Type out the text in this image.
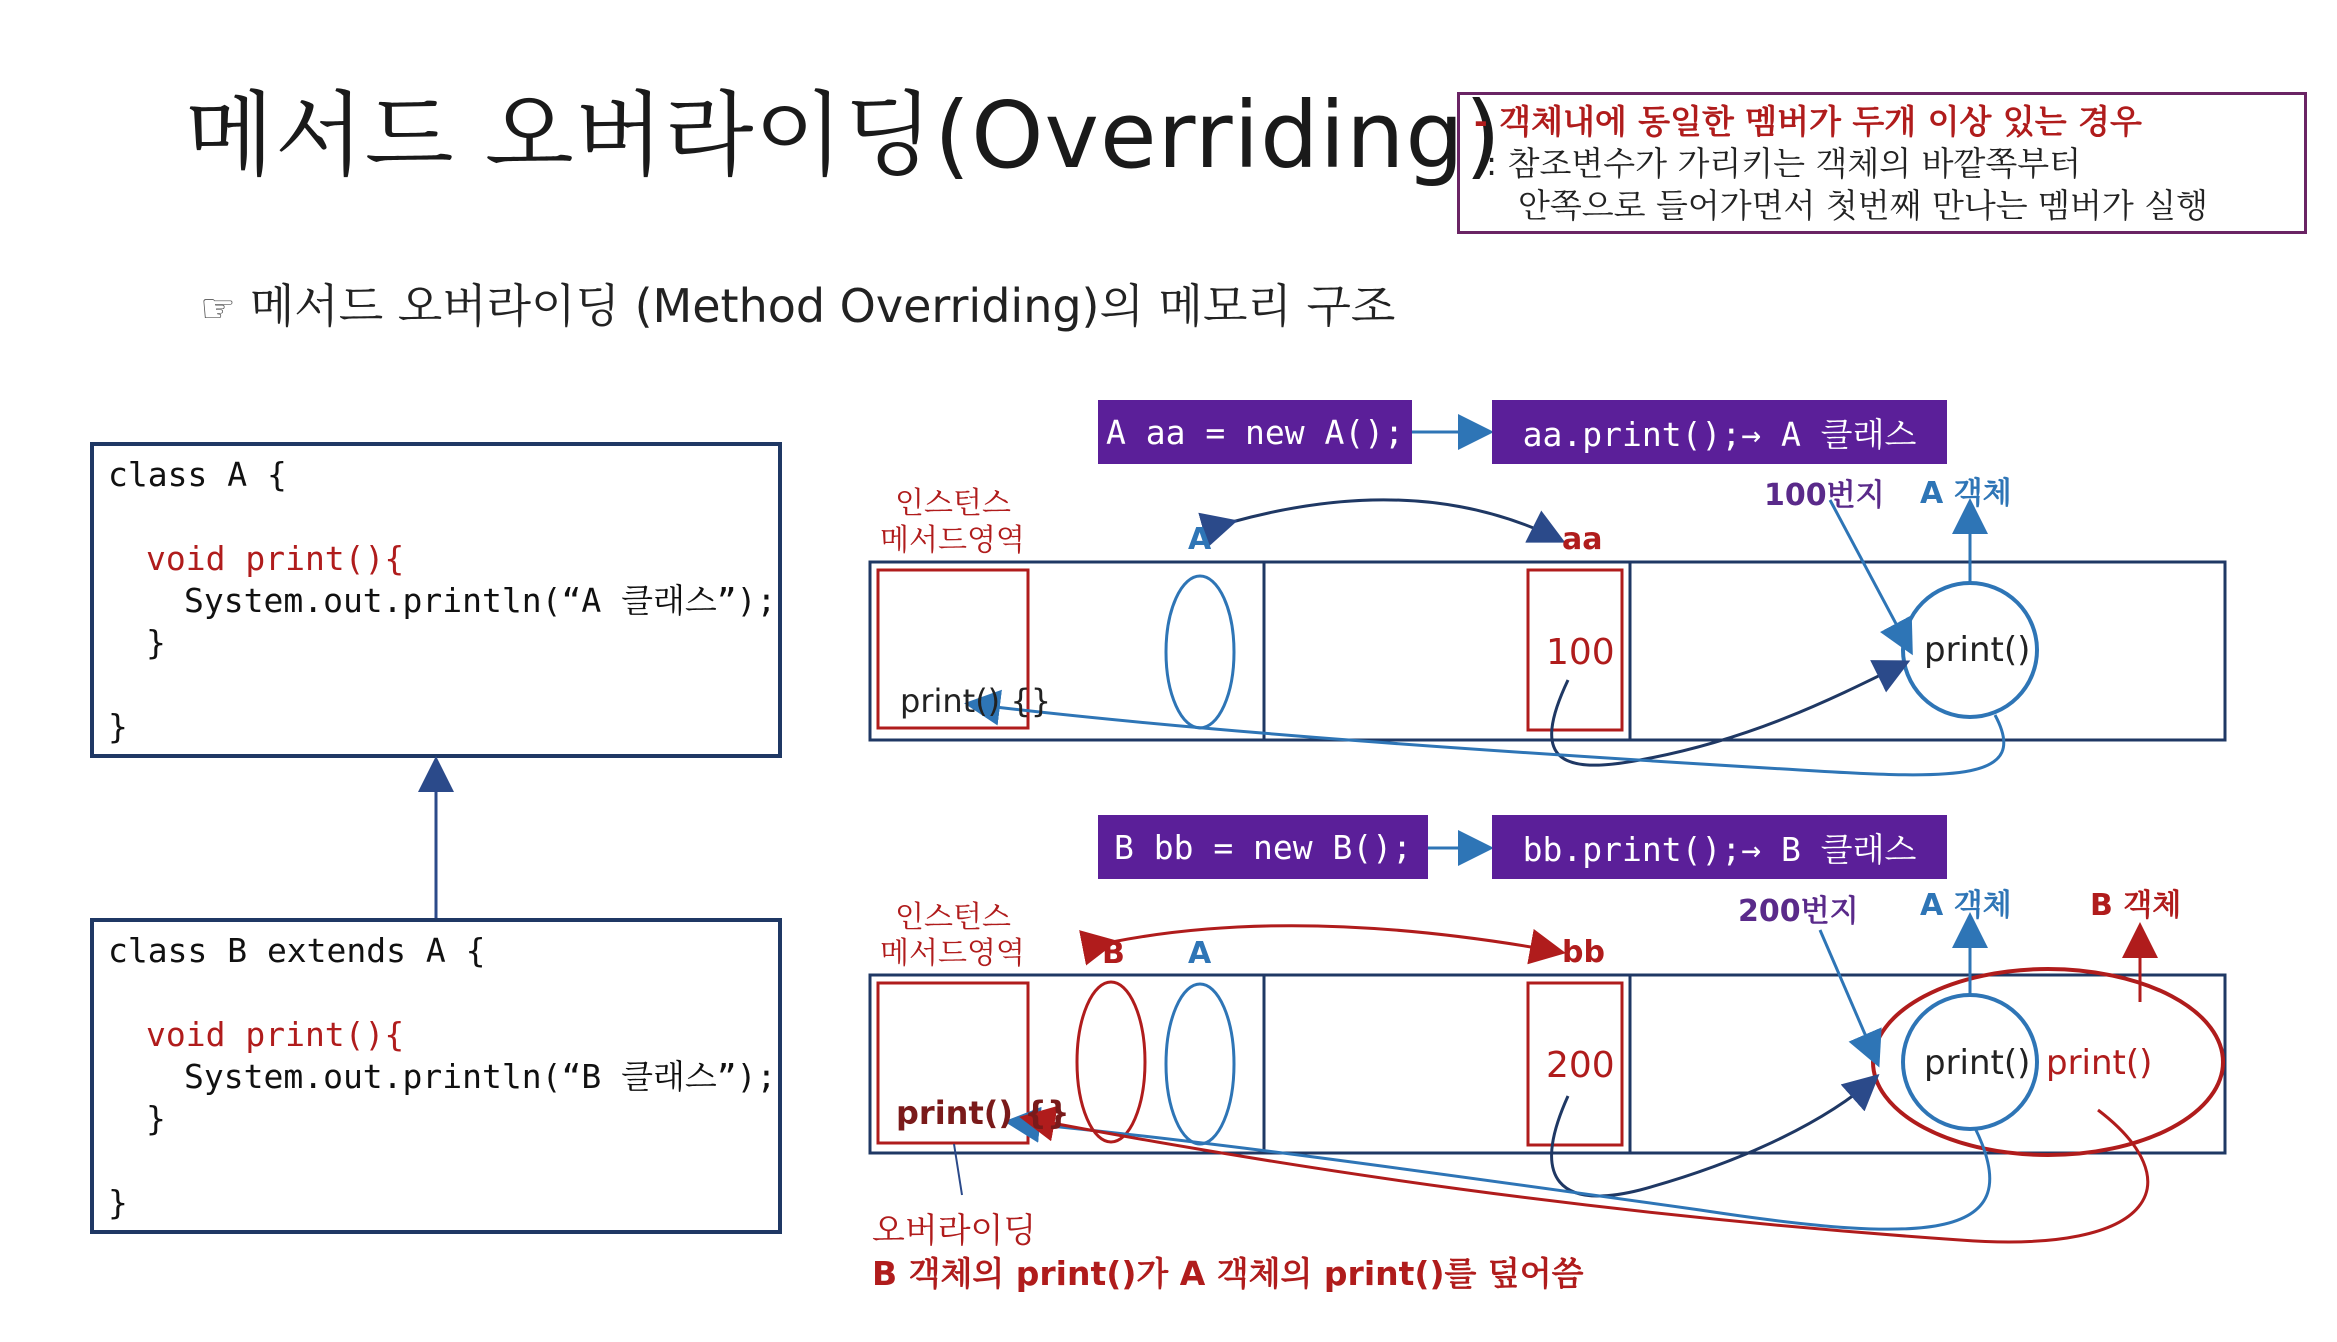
메서드 오버라이딩(Overriding)
☞ 메서드 오버라이딩 (Method Overriding)의 메모리 구조
- 객체내에 동일한 멤버가 두개 이상 있는 경우
: 참조변수가 가리키는 객체의 바깥쪽부터
안쪽으로 들어가면서 첫번째 만나는 멤버가 실행
class A {

void print(){
System.out.println(“A 클래스”);
}

}
class B extends A {

void print(){
System.out.println(“B 클래스”);
}

}
A aa = new A();	aa.print();→ A 클래스
인스턴스
메서드영역	A	aa
100번지 A 객체
print() {}
100	print()
B bb = new B();	bb.print();→ B 클래스
인스턴스
메서드영역	B A	bb
200번지 A 객체	B 객체
print() {}
200	print() print()
오버라이딩
B 객체의 print()가 A 객체의 print()를 덮어씀
